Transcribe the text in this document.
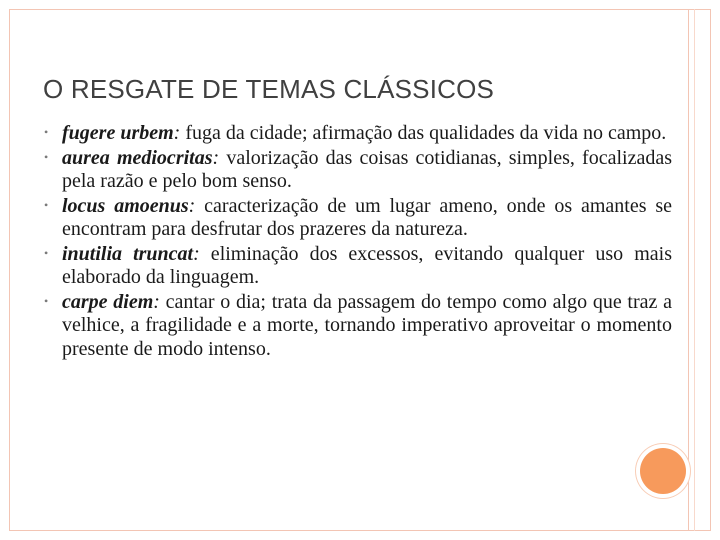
O RESGATE DE TEMAS CLÁSSICOS
• fugere urbem: fuga da cidade; afirmação das qualidades da vida no campo.
• aurea mediocritas: valorização das coisas cotidianas, simples, focalizadas pela razão e pelo bom senso.
• locus amoenus: caracterização de um lugar ameno, onde os amantes se encontram para desfrutar dos prazeres da natureza.
• inutilia truncat: eliminação dos excessos, evitando qualquer uso mais elaborado da linguagem.
• carpe diem: cantar o dia; trata da passagem do tempo como algo que traz a velhice, a fragilidade e a morte, tornando imperativo aproveitar o momento presente de modo intenso.
